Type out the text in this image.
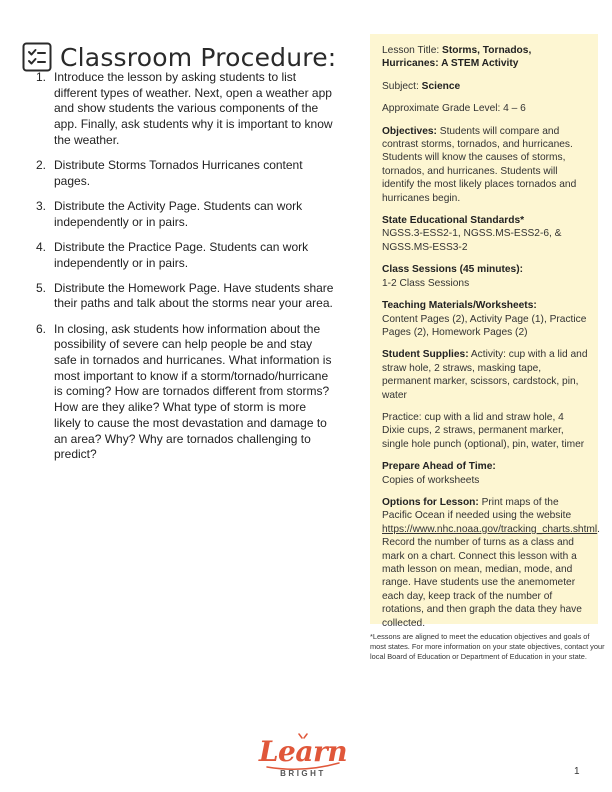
Classroom Procedure:
1. Introduce the lesson by asking students to list different types of weather. Next, open a weather app and show students the various components of the app. Finally, ask students why it is important to know the weather.
2. Distribute Storms Tornados Hurricanes content pages.
3. Distribute the Activity Page. Students can work independently or in pairs.
4. Distribute the Practice Page. Students can work independently or in pairs.
5. Distribute the Homework Page. Have students share their paths and talk about the storms near your area.
6. In closing, ask students how information about the possibility of severe can help people be and stay safe in tornados and hurricanes. What information is most important to know if a storm/tornado/hurricane is coming? How are tornados different from storms? How are they alike? What type of storm is more likely to cause the most devastation and damage to an area? Why? Why are tornados challenging to predict?

Lesson Title: Storms, Tornados, Hurricanes: A STEM Activity

Subject: Science

Approximate Grade Level: 4 – 6

Objectives: Students will compare and contrast storms, tornados, and hurricanes. Students will know the causes of storms, tornados, and hurricanes. Students will identify the most likely places tornados and hurricanes begin.

State Educational Standards*
NGSS.3-ESS2-1, NGSS.MS-ESS2-6, & NGSS.MS-ESS3-2

Class Sessions (45 minutes):
1-2 Class Sessions

Teaching Materials/Worksheets:
Content Pages (2), Activity Page (1), Practice Pages (2), Homework Pages (2)

Student Supplies: Activity: cup with a lid and straw hole, 2 straws, masking tape, permanent marker, scissors, cardstock, pin, water

Practice: cup with a lid and straw hole, 4 Dixie cups, 2 straws, permanent marker, single hole punch (optional), pin, water, timer

Prepare Ahead of Time:
Copies of worksheets

Options for Lesson: Print maps of the Pacific Ocean if needed using the website https://www.nhc.noaa.gov/tracking_charts.shtml. Record the number of turns as a class and mark on a chart. Connect this lesson with a math lesson on mean, median, mode, and range. Have students use the anemometer each day, keep track of the number of rotations, and then graph the data they have collected.

*Lessons are aligned to meet the education objectives and goals of most states. For more information on your state objectives, contact your local Board of Education or Department of Education in your state.
Learn
BRIGHT	1
